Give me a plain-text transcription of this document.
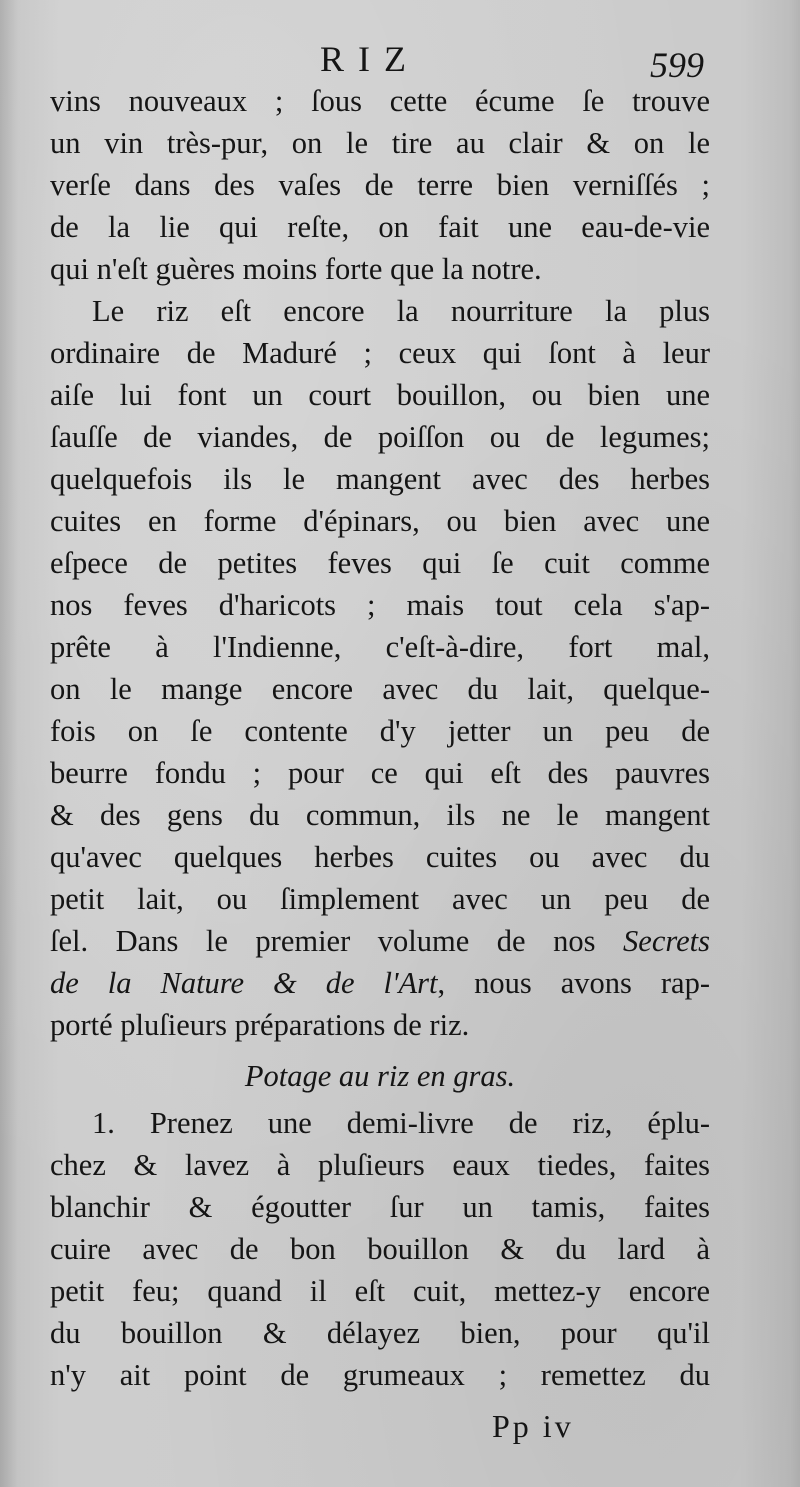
RIZ	599
vins nouveaux ; ſous cette écume ſe trouve
un vin très-pur, on le tire au clair & on le
verſe dans des vaſes de terre bien verniſſés ;
de la lie qui reſte, on fait une eau-de-vie
qui n'eſt guères moins forte que la notre.
Le riz eſt encore la nourriture la plus
ordinaire de Maduré ; ceux qui ſont à leur
aiſe lui font un court bouillon, ou bien une
ſauſſe de viandes, de poiſſon ou de legumes;
quelquefois ils le mangent avec des herbes
cuites en forme d'épinars, ou bien avec une
eſpece de petites feves qui ſe cuit comme
nos feves d'haricots ; mais tout cela s'ap-
prête à l'Indienne, c'eſt-à-dire, fort mal,
on le mange encore avec du lait, quelque-
fois on ſe contente d'y jetter un peu de
beurre fondu ; pour ce qui eſt des pauvres
& des gens du commun, ils ne le mangent
qu'avec quelques herbes cuites ou avec du
petit lait, ou ſimplement avec un peu de
ſel. Dans le premier volume de nos Secrets
de la Nature & de l'Art, nous avons rap-
porté pluſieurs préparations de riz.
Potage au riz en gras.
1. Prenez une demi-livre de riz, éplu-
chez & lavez à pluſieurs eaux tiedes, faites
blanchir & égoutter ſur un tamis, faites
cuire avec de bon bouillon & du lard à
petit feu; quand il eſt cuit, mettez-y encore
du bouillon & délayez bien, pour qu'il
n'y ait point de grumeaux ; remettez du
Pp iv
